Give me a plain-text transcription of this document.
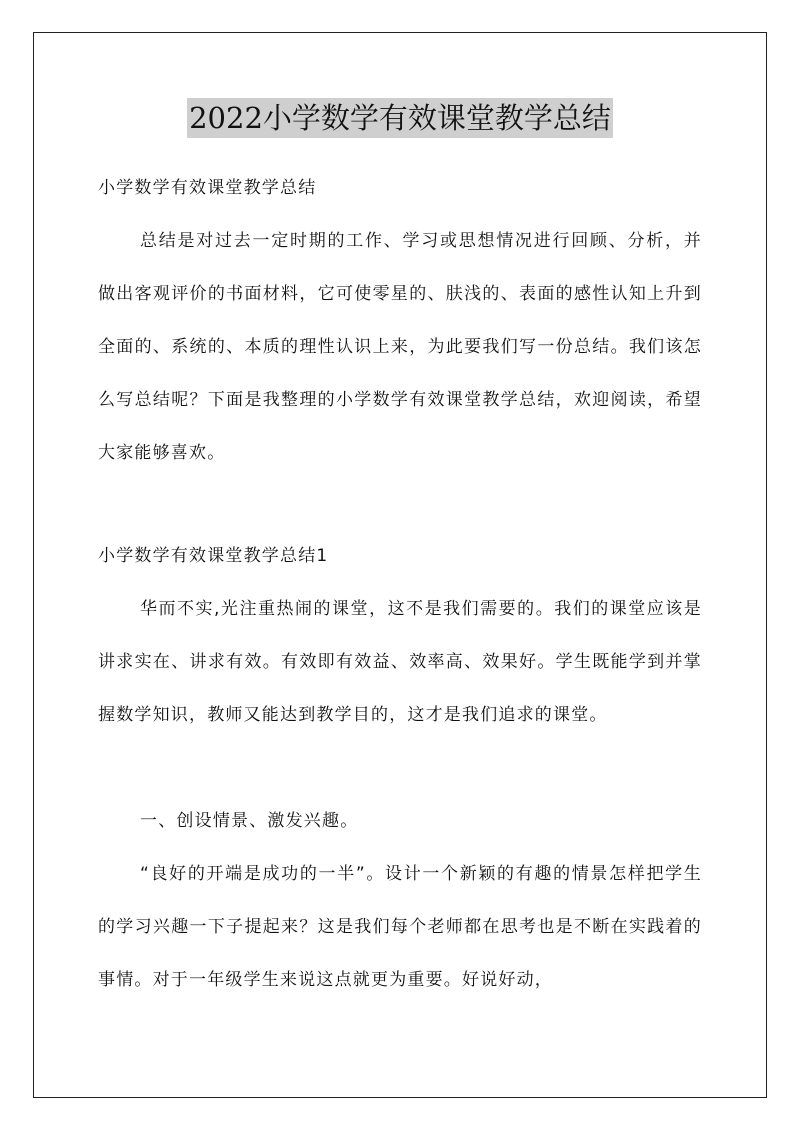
2022小学数学有效课堂教学总结

小学数学有效课堂教学总结

总结是对过去一定时期的工作、学习或思想情况进行回顾、分析，并做出客观评价的书面材料，它可使零星的、肤浅的、表面的感性认知上升到全面的、系统的、本质的理性认识上来，为此要我们写一份总结。我们该怎么写总结呢？下面是我整理的小学数学有效课堂教学总结，欢迎阅读，希望大家能够喜欢。

小学数学有效课堂教学总结1

华而不实,光注重热闹的课堂，这不是我们需要的。我们的课堂应该是讲求实在、讲求有效。有效即有效益、效率高、效果好。学生既能学到并掌握数学知识，教师又能达到教学目的，这才是我们追求的课堂。

一、创设情景、激发兴趣。

“良好的开端是成功的一半”。设计一个新颖的有趣的情景怎样把学生的学习兴趣一下子提起来？这是我们每个老师都在思考也是不断在实践着的事情。对于一年级学生来说这点就更为重要。好说好动，
